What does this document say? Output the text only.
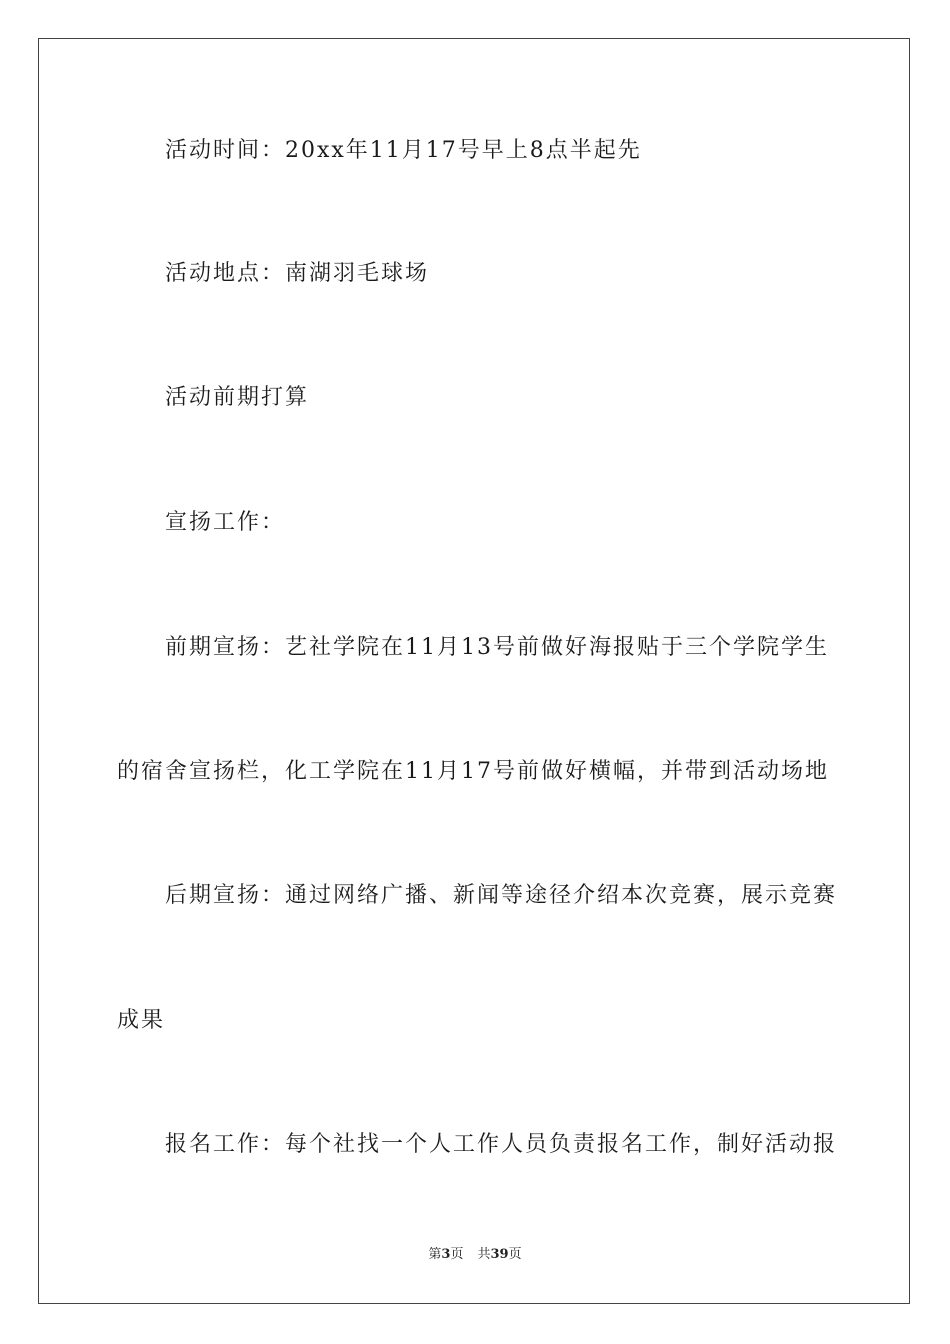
活动时间：20xx年11月17号早上8点半起先
活动地点：南湖羽毛球场
活动前期打算
宣扬工作：
前期宣扬：艺社学院在11月13号前做好海报贴于三个学院学生
的宿舍宣扬栏，化工学院在11月17号前做好横幅，并带到活动场地
后期宣扬：通过网络广播、新闻等途径介绍本次竞赛，展示竞赛
成果
报名工作：每个社找一个人工作人员负责报名工作，制好活动报
第3页 共39页
